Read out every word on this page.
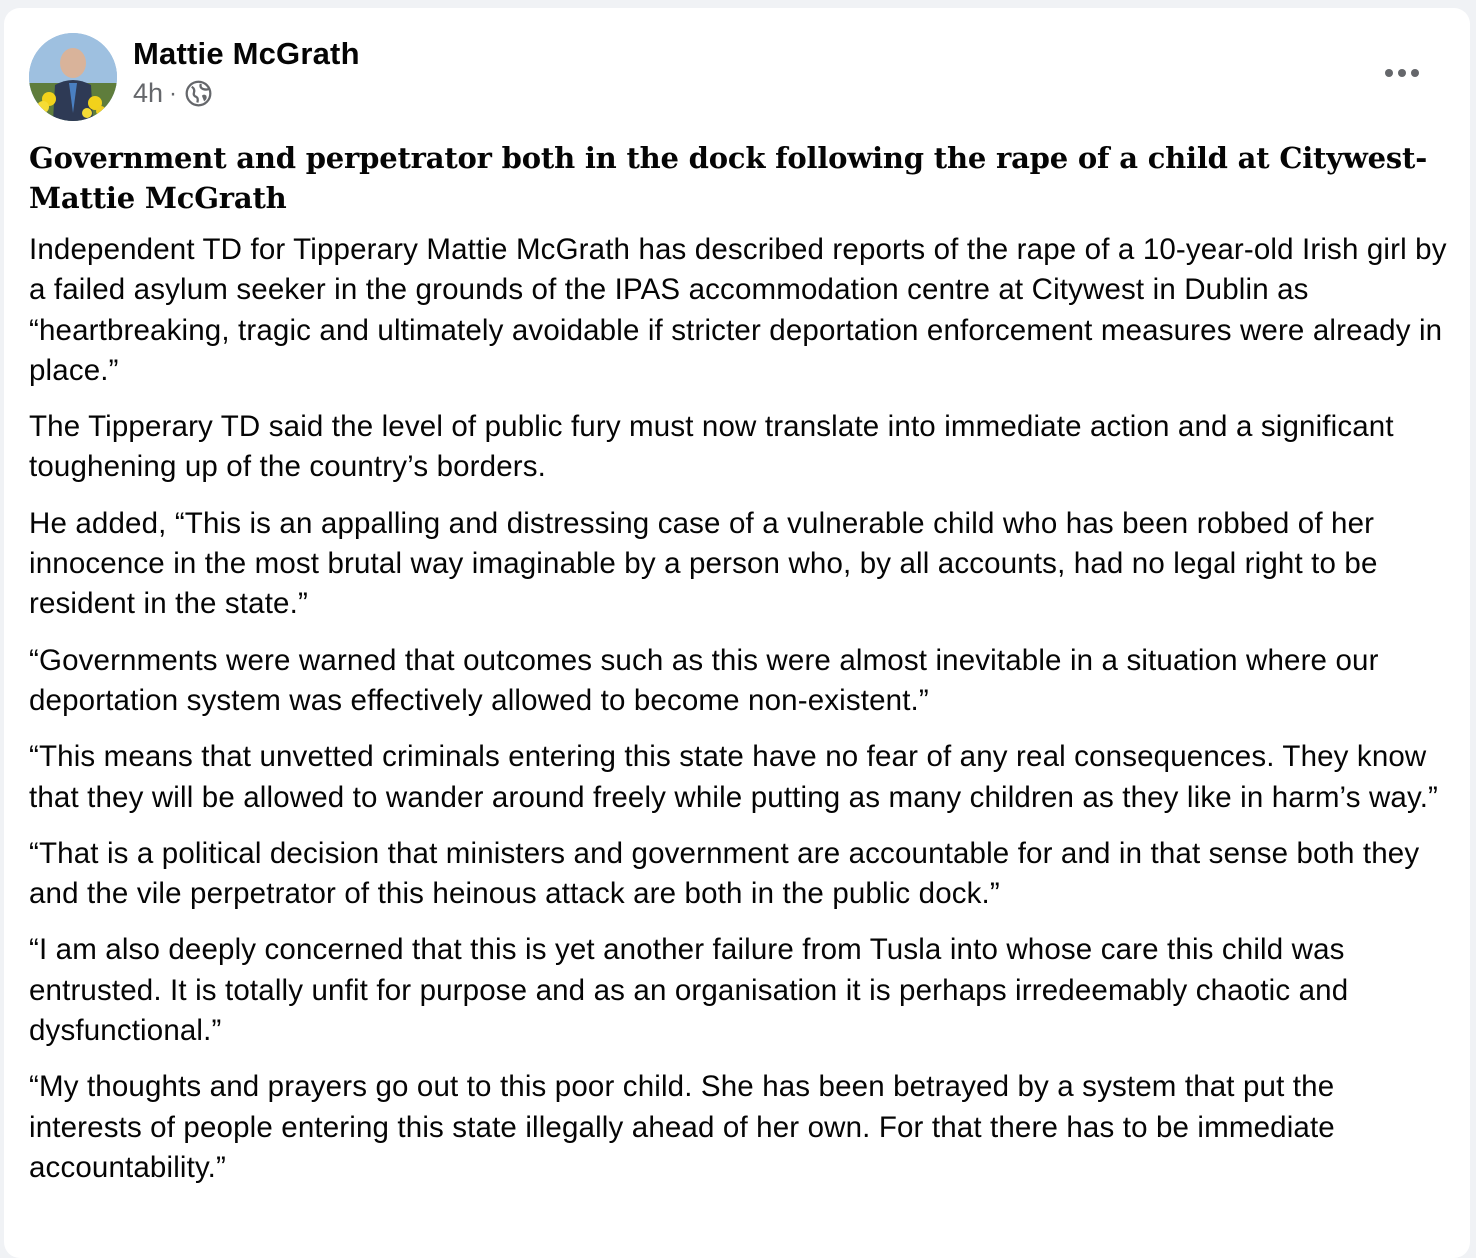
Mattie McGrath
4h ·

Government and perpetrator both in the dock following the rape of a child at Citywest- Mattie McGrath

Independent TD for Tipperary Mattie McGrath has described reports of the rape of a 10-year-old Irish girl by a failed asylum seeker in the grounds of the IPAS accommodation centre at Citywest in Dublin as “heartbreaking, tragic and ultimately avoidable if stricter deportation enforcement measures were already in place.”

The Tipperary TD said the level of public fury must now translate into immediate action and a significant toughening up of the country’s borders.

He added, “This is an appalling and distressing case of a vulnerable child who has been robbed of her innocence in the most brutal way imaginable by a person who, by all accounts, had no legal right to be resident in the state.”

“Governments were warned that outcomes such as this were almost inevitable in a situation where our deportation system was effectively allowed to become non-existent.”

“This means that unvetted criminals entering this state have no fear of any real consequences. They know that they will be allowed to wander around freely while putting as many children as they like in harm’s way.”

“That is a political decision that ministers and government are accountable for and in that sense both they and the vile perpetrator of this heinous attack are both in the public dock.”

“I am also deeply concerned that this is yet another failure from Tusla into whose care this child was entrusted. It is totally unfit for purpose and as an organisation it is perhaps irredeemably chaotic and dysfunctional.”

“My thoughts and prayers go out to this poor child. She has been betrayed by a system that put the interests of people entering this state illegally ahead of her own. For that there has to be immediate accountability.”
